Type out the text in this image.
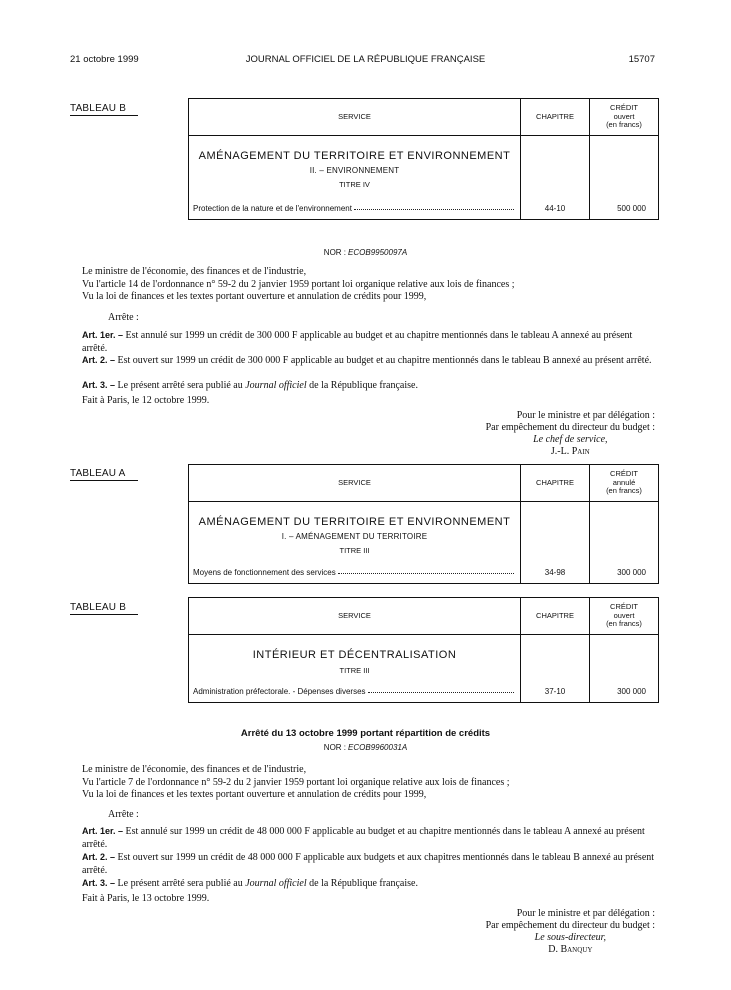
21 octobre 1999	JOURNAL OFFICIEL DE LA RÉPUBLIQUE FRANÇAISE	15707
TABLEAU B
SERVICE	CHAPITRE
CRÉDIT
ouvert
(en francs)
AMÉNAGEMENT DU TERRITOIRE ET ENVIRONNEMENT
II. – ENVIRONNEMENT
TITRE IV
Protection de la nature et de l'environnement	44-10	500 000
NOR : ECOB9950097A
Le ministre de l'économie, des finances et de l'industrie,
Vu l'article 14 de l'ordonnance n° 59-2 du 2 janvier 1959 portant loi organique relative aux lois de finances ;
Vu la loi de finances et les textes portant ouverture et annulation de crédits pour 1999,
Arrête :
Art. 1er. – Est annulé sur 1999 un crédit de 300 000 F applicable au budget et au chapitre mentionnés dans le tableau A annexé au présent arrêté.
Art. 2. – Est ouvert sur 1999 un crédit de 300 000 F applicable au budget et au chapitre mentionnés dans le tableau B annexé au présent arrêté.
Art. 3. – Le présent arrêté sera publié au Journal officiel de la République française.
Fait à Paris, le 12 octobre 1999.
Pour le ministre et par délégation :
Par empêchement du directeur du budget :
Le chef de service,
J.-L. Pain
TABLEAU A
SERVICE	CHAPITRE
CRÉDIT
annulé
(en francs)
AMÉNAGEMENT DU TERRITOIRE ET ENVIRONNEMENT
I. – AMÉNAGEMENT DU TERRITOIRE
TITRE III
Moyens de fonctionnement des services	34-98	300 000
TABLEAU B
SERVICE	CHAPITRE
CRÉDIT
ouvert
(en francs)
INTÉRIEUR ET DÉCENTRALISATION
TITRE III
Administration préfectorale. - Dépenses diverses	37-10	300 000
Arrêté du 13 octobre 1999 portant répartition de crédits
NOR : ECOB9960031A
Le ministre de l'économie, des finances et de l'industrie,
Vu l'article 7 de l'ordonnance n° 59-2 du 2 janvier 1959 portant loi organique relative aux lois de finances ;
Vu la loi de finances et les textes portant ouverture et annulation de crédits pour 1999,
Arrête :
Art. 1er. – Est annulé sur 1999 un crédit de 48 000 000 F applicable au budget et au chapitre mentionnés dans le tableau A annexé au présent arrêté.
Art. 2. – Est ouvert sur 1999 un crédit de 48 000 000 F applicable aux budgets et aux chapitres mentionnés dans le tableau B annexé au présent arrêté.
Art. 3. – Le présent arrêté sera publié au Journal officiel de la République française.
Fait à Paris, le 13 octobre 1999.
Pour le ministre et par délégation :
Par empêchement du directeur du budget :
Le sous-directeur,
D. Banquy
